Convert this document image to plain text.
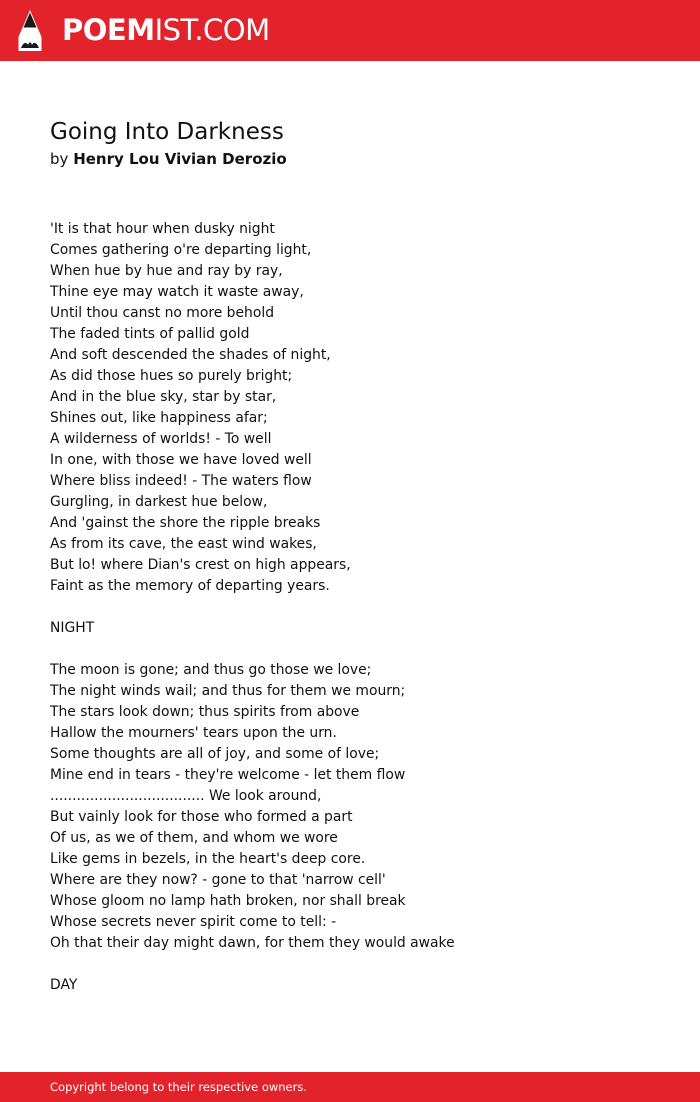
POEMIST.COM
Going Into Darkness
by Henry Lou Vivian Derozio
'It is that hour when dusky night
Comes gathering o're departing light,
When hue by hue and ray by ray,
Thine eye may watch it waste away,
Until thou canst no more behold
The faded tints of pallid gold
And soft descended the shades of night,
As did those hues so purely bright;
And in the blue sky, star by star,
Shines out, like happiness afar;
A wilderness of worlds! - To well
In one, with those we have loved well
Where bliss indeed! - The waters flow
Gurgling, in darkest hue below,
And 'gainst the shore the ripple breaks
As from its cave, the east wind wakes,
But lo! where Dian's crest on high appears,
Faint as the memory of departing years.
NIGHT
The moon is gone; and thus go those we love;
The night winds wail; and thus for them we mourn;
The stars look down; thus spirits from above
Hallow the mourners' tears upon the urn.
Some thoughts are all of joy, and some of love;
Mine end in tears - they're welcome - let them flow
................................... We look around,
But vainly look for those who formed a part
Of us, as we of them, and whom we wore
Like gems in bezels, in the heart's deep core.
Where are they now? - gone to that 'narrow cell'
Whose gloom no lamp hath broken, nor shall break
Whose secrets never spirit come to tell: -
Oh that their day might dawn, for them they would awake
DAY
Copyright belong to their respective owners.
